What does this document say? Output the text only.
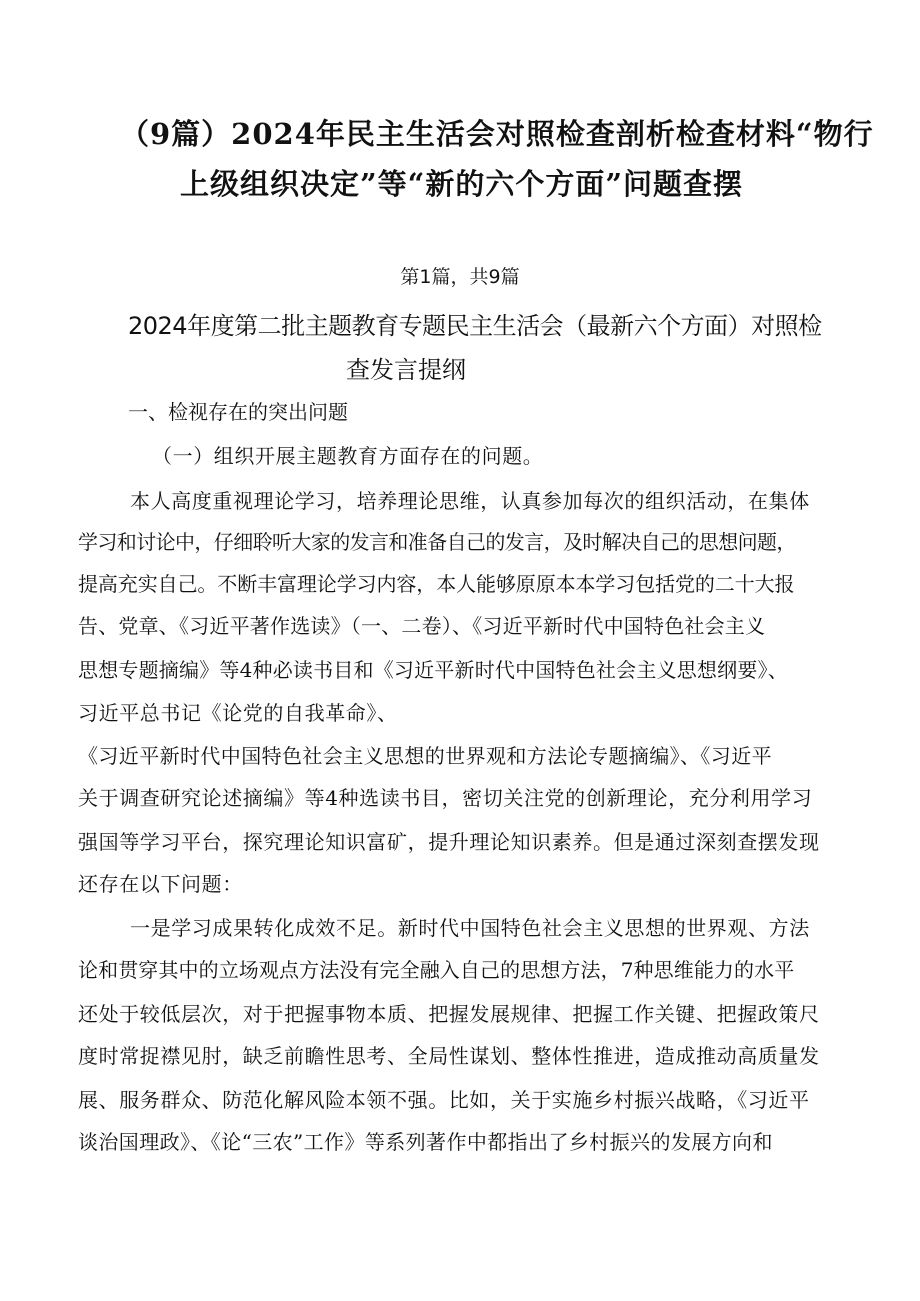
（9篇）2024年民主生活会对照检查剖析检查材料“物行
上级组织决定”等“新的六个方面”问题查摆
第1篇，共9篇
2024年度第二批主题教育专题民主生活会（最新六个方面）对照检
查发言提纲
一、检视存在的突出问题
（一）组织开展主题教育方面存在的问题。
本人高度重视理论学习，培养理论思维，认真参加每次的组织活动，在集体
学习和讨论中，仔细聆听大家的发言和准备自己的发言，及时解决自己的思想问题，
提高充实自己。不断丰富理论学习内容，本人能够原原本本学习包括党的二十大报
告、党章、《习近平著作选读》（一、二卷）、《习近平新时代中国特色社会主义
思想专题摘编》等4种必读书目和《习近平新时代中国特色社会主义思想纲要》、
习近平总书记《论党的自我革命》、
《习近平新时代中国特色社会主义思想的世界观和方法论专题摘编》、《习近平
关于调查研究论述摘编》等4种选读书目，密切关注党的创新理论，充分利用学习
强国等学习平台，探究理论知识富矿，提升理论知识素养。但是通过深刻查摆发现
还存在以下问题：
一是学习成果转化成效不足。新时代中国特色社会主义思想的世界观、方法
论和贯穿其中的立场观点方法没有完全融入自己的思想方法，7种思维能力的水平
还处于较低层次，对于把握事物本质、把握发展规律、把握工作关键、把握政策尺
度时常捉襟见肘，缺乏前瞻性思考、全局性谋划、整体性推进，造成推动高质量发
展、服务群众、防范化解风险本领不强。比如，关于实施乡村振兴战略，《习近平
谈治国理政》、《论“三农”工作》等系列著作中都指出了乡村振兴的发展方向和
